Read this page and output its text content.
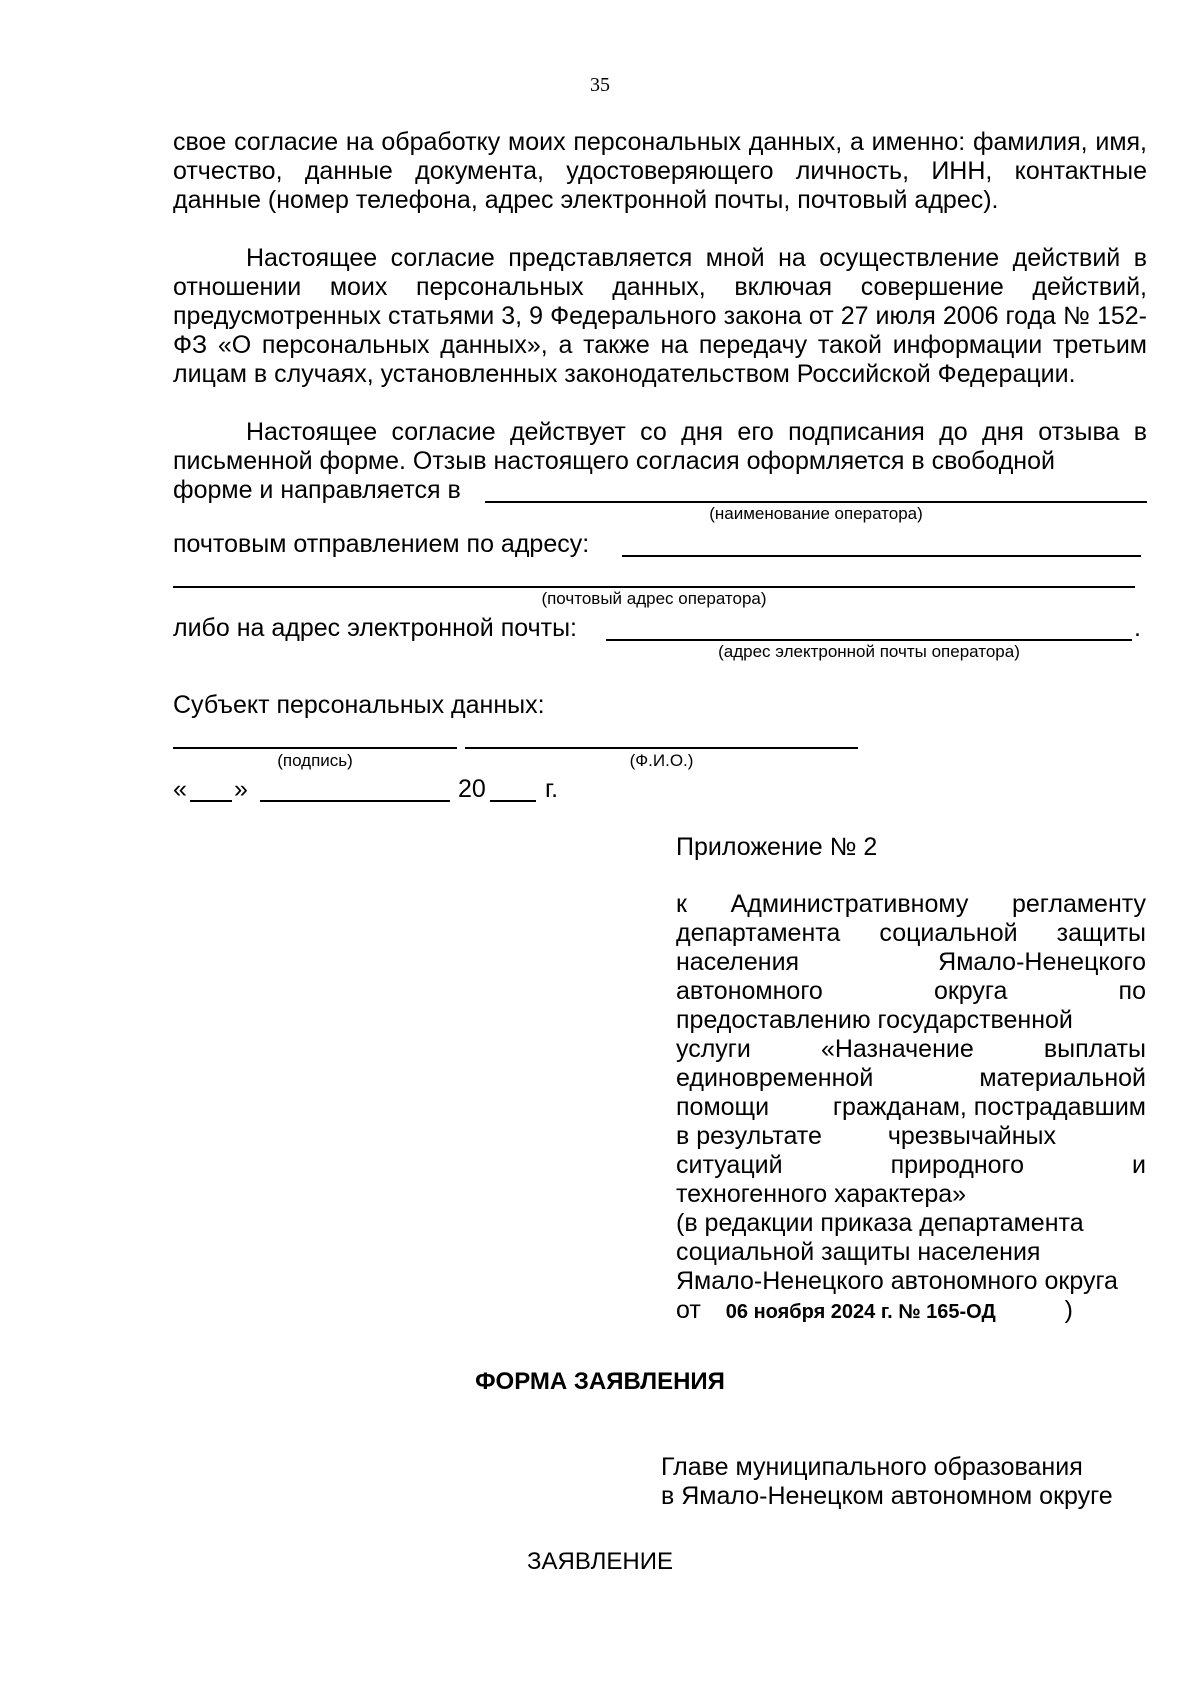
35
свое согласие на обработку моих персональных данных, а именно: фамилия, имя, отчество, данные документа, удостоверяющего личность, ИНН, контактные данные (номер телефона, адрес электронной почты, почтовый адрес).
Настоящее согласие представляется мной на осуществление действий в отношении моих персональных данных, включая совершение действий, предусмотренных статьями 3, 9 Федерального закона от 27 июля 2006 года № 152-ФЗ «О персональных данных», а также на передачу такой информации третьим лицам в случаях, установленных законодательством Российской Федерации.
Настоящее согласие действует со дня его подписания до дня отзыва в письменной форме. Отзыв настоящего согласия оформляется в свободной
форме и направляется в
(наименование оператора)
почтовым отправлением по адресу:
(почтовый адрес оператора)
либо на адрес электронной почты:	.
(адрес электронной почты оператора)
Субъект персональных данных:
(подпись)	(Ф.И.О.)
« »	20 г.
Приложение № 2
к Административному регламенту
департамента социальной защиты
населения	Ямало-Ненецкого
автономного	округа	по
предоставлению государственной
услуги	«Назначение	выплаты
единовременной	материальной
помощи	гражданам, пострадавшим
в результате	чрезвычайных
ситуаций	природного	и
техногенного характера»
(в редакции приказа департамента
социальной защиты населения
Ямало-Ненецкого автономного округа
от 06 ноября 2024 г. № 165-ОД	)
ФОРМА ЗАЯВЛЕНИЯ
Главе муниципального образования
в Ямало-Ненецком автономном округе
ЗАЯВЛЕНИЕ
